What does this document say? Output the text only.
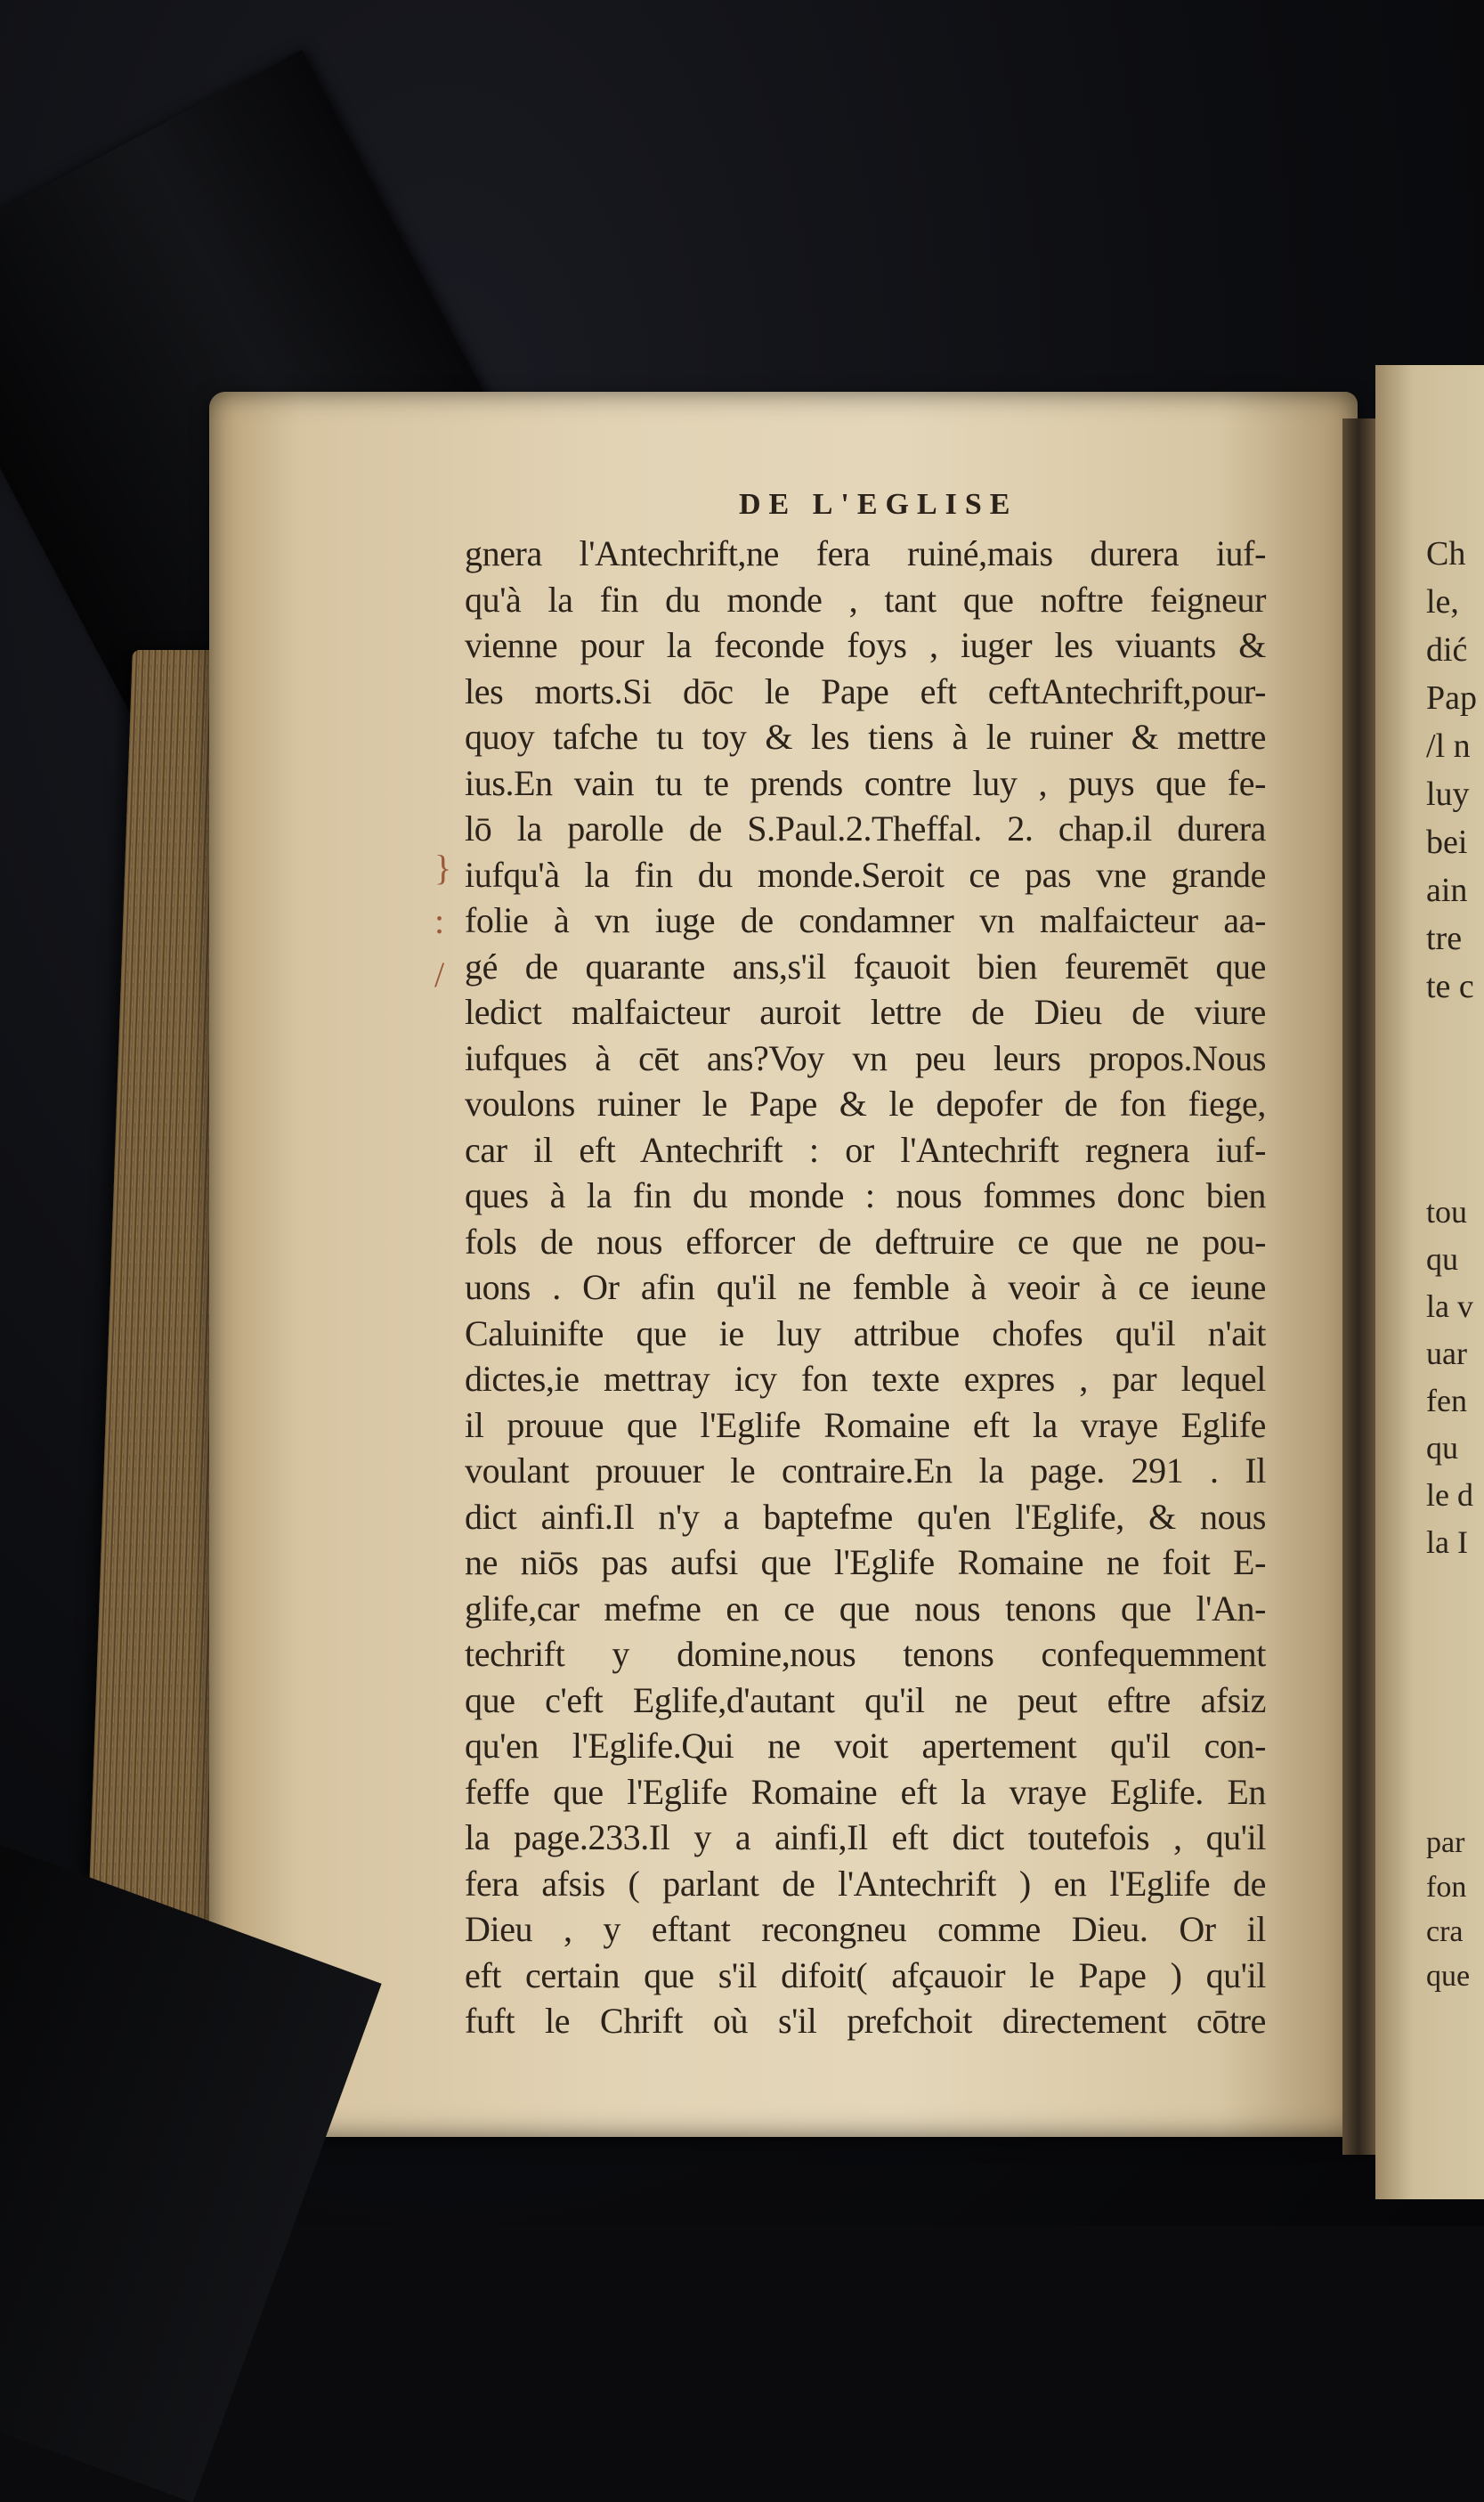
DE L'EGLISE
gnera l'Antechrift,ne fera ruiné,mais durera iuf-
qu'à la fin du monde , tant que noftre feigneur
vienne pour la feconde foys , iuger les viuants &
les morts.Si dōc le Pape eft ceftAntechrift,pour-
quoy tafche tu toy & les tiens à le ruiner & mettre
ius.En vain tu te prends contre luy , puys que fe-
lō la parolle de S.Paul.2.Theffal. 2. chap.il durera
iufqu'à la fin du monde.Seroit ce pas vne grande
folie à vn iuge de condamner vn malfaicteur aa-
gé de quarante ans,s'il fçauoit bien feuremēt que
ledict malfaicteur auroit lettre de Dieu de viure
iufques à cēt ans?Voy vn peu leurs propos.Nous
voulons ruiner le Pape & le depofer de fon fiege,
car il eft Antechrift : or l'Antechrift regnera iuf-
ques à la fin du monde : nous fommes donc bien
fols de nous efforcer de deftruire ce que ne pou-
uons . Or afin qu'il ne femble à veoir à ce ieune
Caluinifte que ie luy attribue chofes qu'il n'ait
dictes,ie mettray icy fon texte expres , par lequel
il prouue que l'Eglife Romaine eft la vraye Eglife
voulant prouuer le contraire.En la page. 291 . Il
dict ainfi.Il n'y a baptefme qu'en l'Eglife, & nous
ne niōs pas aufsi que l'Eglife Romaine ne foit E-
glife,car mefme en ce que nous tenons que l'An-
techrift y domine,nous tenons confequemment
que c'eft Eglife,d'autant qu'il ne peut eftre afsiz
qu'en l'Eglife.Qui ne voit apertement qu'il con-
feffe que l'Eglife Romaine eft la vraye Eglife. En
la page.233.Il y a ainfi,Il eft dict toutefois , qu'il
fera afsis ( parlant de l'Antechrift ) en l'Eglife de
Dieu , y eftant recongneu comme Dieu. Or il
eft certain que s'il difoit( afçauoir le Pape ) qu'il
fuft le Chrift où s'il prefchoit directement cōtre
}
:
/
Ch
le,
dić
Pap
/l n
luy
bei
ain
tre
te c
tou
qu
la v
uar
fen
qu
le d
la I
par
fon
cra
que
